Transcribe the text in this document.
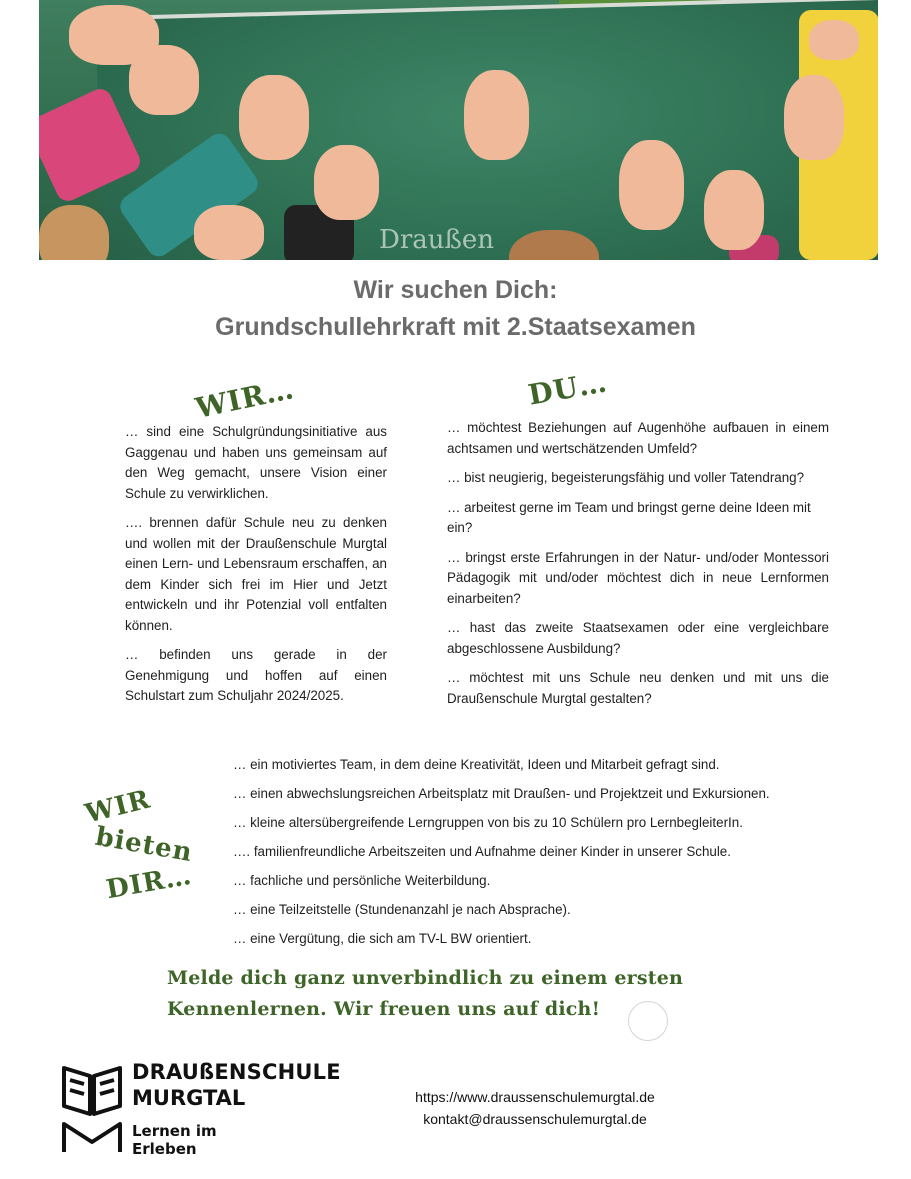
Draußen
Wir suchen Dich:
Grundschullehrkraft mit 2.Staatsexamen
WIR…

… sind eine Schulgründungsinitiative aus Gaggenau und haben uns gemeinsam auf den Weg gemacht, unsere Vision einer Schule zu verwirklichen.

…. brennen dafür Schule neu zu denken und wollen mit der Draußenschule Murgtal einen Lern- und Lebensraum erschaffen, an dem Kinder sich frei im Hier und Jetzt entwickeln und ihr Potenzial voll entfalten können.

… befinden uns gerade in der Genehmigung und hoffen auf einen Schulstart zum Schuljahr 2024/2025.

DU…

… möchtest Beziehungen auf Augenhöhe aufbauen in einem achtsamen und wertschätzenden Umfeld?

… bist neugierig, begeisterungsfähig und voller Tatendrang?

… arbeitest gerne im Team und bringst gerne deine Ideen mit ein?

… bringst erste Erfahrungen in der Natur- und/oder Montessori Pädagogik mit und/oder möchtest dich in neue Lernformen einarbeiten?

… hast das zweite Staatsexamen oder eine vergleichbare abgeschlossene Ausbildung?

… möchtest mit uns Schule neu denken und mit uns die Draußenschule Murgtal gestalten?

WIR
bieten
DIR…
… ein motiviertes Team, in dem deine Kreativität, Ideen und Mitarbeit gefragt sind.
… einen abwechslungsreichen Arbeitsplatz mit Draußen- und Projektzeit und Exkursionen.
… kleine altersübergreifende Lerngruppen von bis zu 10 Schülern pro LernbegleiterIn.
…. familienfreundliche Arbeitszeiten und Aufnahme deiner Kinder in unserer Schule.
… fachliche und persönliche Weiterbildung.
… eine Teilzeitstelle (Stundenanzahl je nach Absprache).
… eine Vergütung, die sich am TV-L BW orientiert.
Melde dich ganz unverbindlich zu einem ersten
Kennenlernen. Wir freuen uns auf dich!
DRAUßENSCHULE
MURGTAL
Lernen im
Erleben
https://www.draussenschulemurgtal.de
kontakt@draussenschulemurgtal.de
